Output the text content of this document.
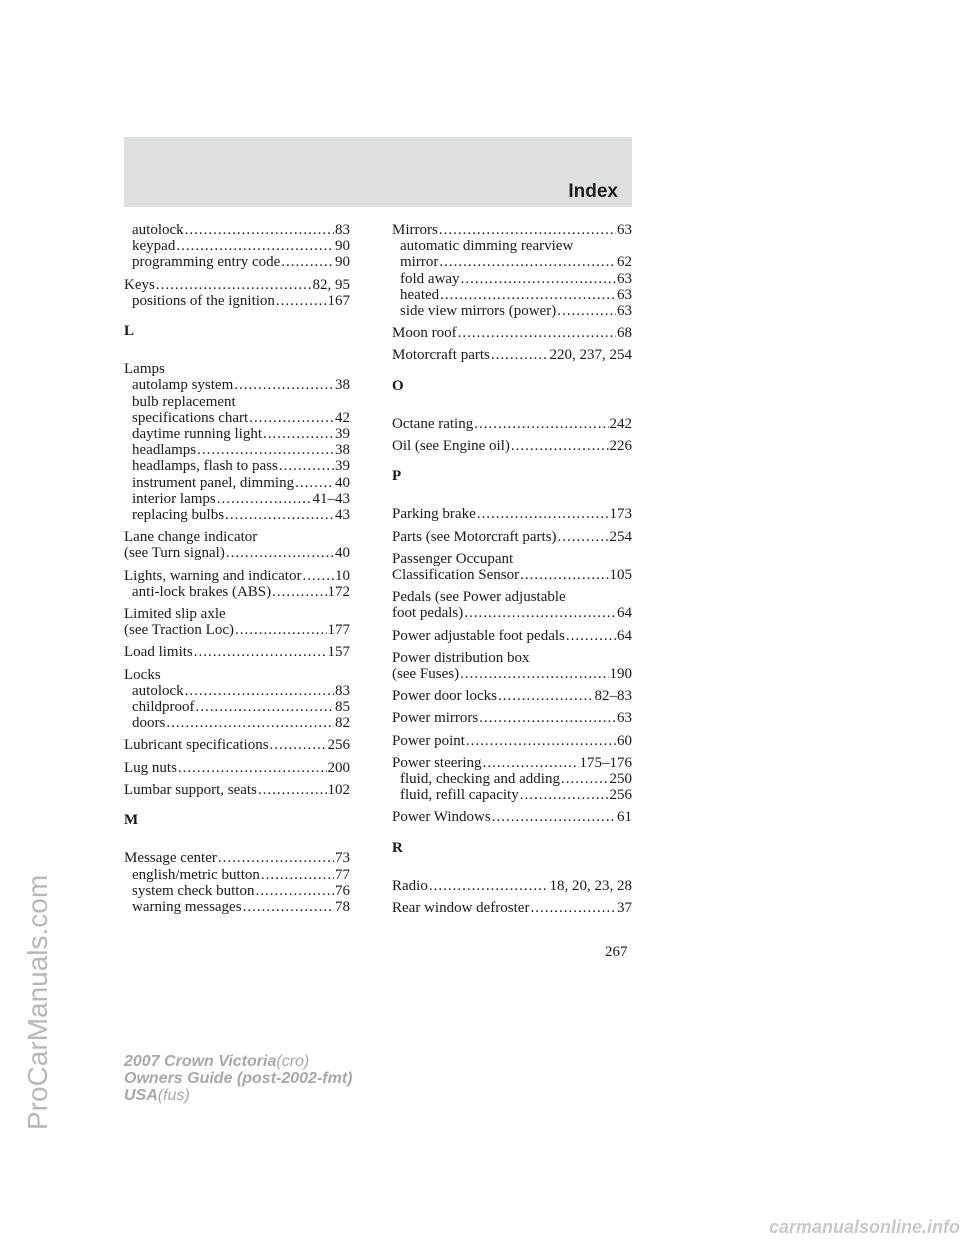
Index
autolock .....	83
keypad .....	90
programming entry code .....	90
Keys .....	82, 95
positions of the ignition .....	167
L
Lamps
autolamp system .....	38
bulb replacement
specifications chart .....	42
daytime running light .....	39
headlamps .....	38
headlamps, flash to pass .....	39
instrument panel, dimming .....	40
interior lamps .....	41–43
replacing bulbs .....	43
Lane change indicator
(see Turn signal) .....	40
Lights, warning and indicator ..... 10
anti-lock brakes (ABS) .....	172
Limited slip axle
(see Traction Loc) .....	177
Load limits .....	157
Locks
autolock .....	83
childproof .....	85
doors .....	82
Lubricant specifications .....	256
Lug nuts .....	200
Lumbar support, seats .....	102
M
Message center .....	73
english/metric button .....	77
system check button .....	76
warning messages .....	78
Mirrors .....	63
automatic dimming rearview
mirror .....	62
fold away .....	63
heated .....	63
side view mirrors (power) .....	63
Moon roof .....	68
Motorcraft parts .....	220, 237, 254
O
Octane rating .....	242
Oil (see Engine oil) .....	226
P
Parking brake .....	173
Parts (see Motorcraft parts) .....	254
Passenger Occupant
Classification Sensor .....	105
Pedals (see Power adjustable
foot pedals) .....	64
Power adjustable foot pedals .....	64
Power distribution box
(see Fuses) .....	190
Power door locks .....	82–83
Power mirrors .....	63
Power point .....	60
Power steering .....	175–176
fluid, checking and adding .....	250
fluid, refill capacity .....	256
Power Windows .....	61
R
Radio .....	18, 20, 23, 28
Rear window defroster .....	37
267
2007 Crown Victoria(cro)
Owners Guide (post-2002-fmt)
USA(fus)
ProCarManuals.com
carmanualsonline.info
